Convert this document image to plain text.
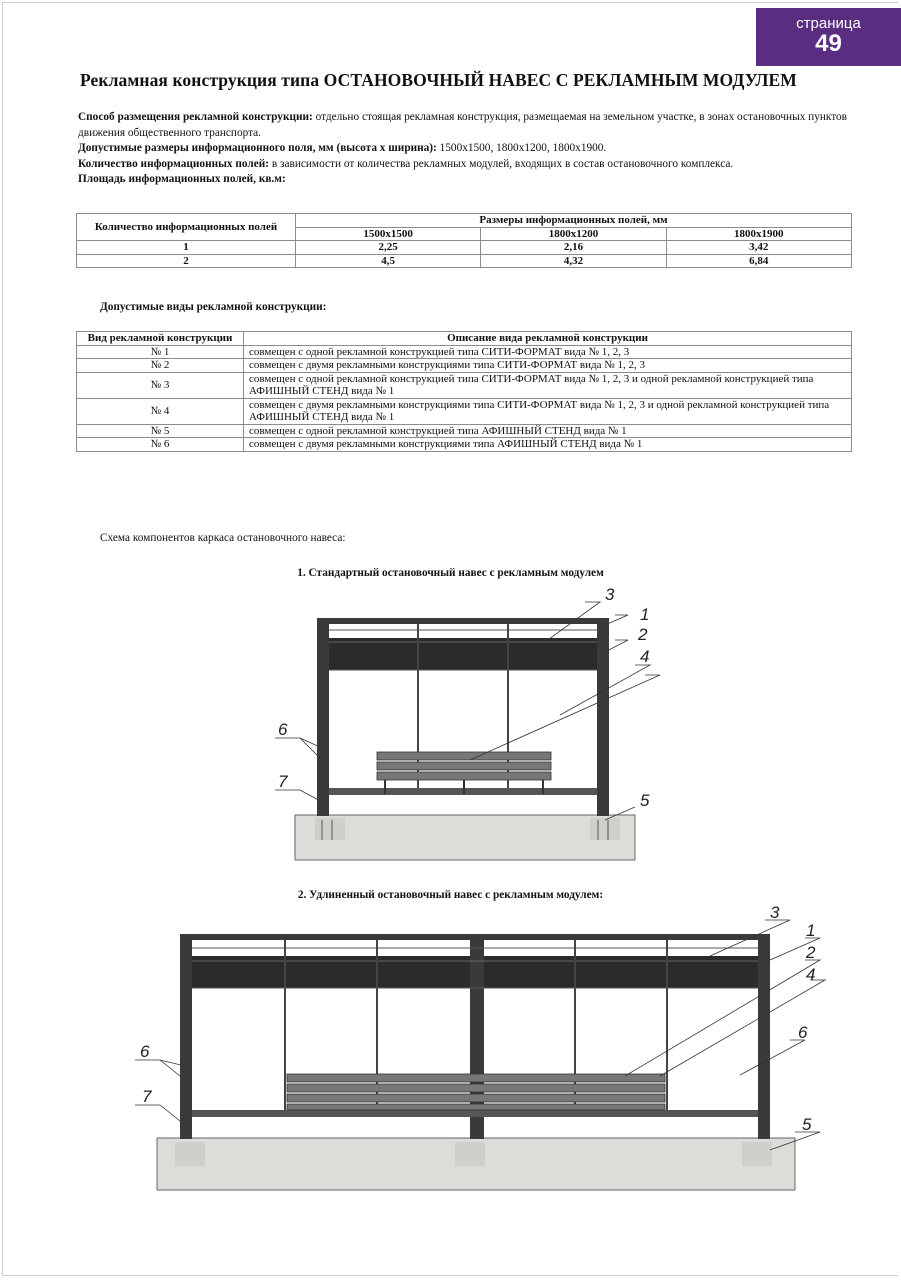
страница
49
Рекламная конструкция типа ОСТАНОВОЧНЫЙ НАВЕС С РЕКЛАМНЫМ МОДУЛЕМ

Способ размещения рекламной конструкции: отдельно стоящая рекламная конструкция, размещаемая на земельном участке, в зонах остановочных пунктов движения общественного транспорта.

Допустимые размеры информационного поля, мм (высота х ширина): 1500х1500, 1800х1200, 1800х1900.

Количество информационных полей: в зависимости от количества рекламных модулей, входящих в состав остановочного комплекса.

Площадь информационных полей, кв.м:

Количество информационных полей	Размеры информационных полей, мм		
	1500х1500	1800х1200	1800х1900
1	2,25	2,16	3,42
2	4,5	4,32	6,84
Допустимые виды рекламной конструкции:
Вид рекламной конструкции	Описание вида рекламной конструкции
№ 1	совмещен с одной рекламной конструкцией типа СИТИ-ФОРМАТ вида № 1, 2, 3
№ 2	совмещен с двумя рекламными конструкциями типа СИТИ-ФОРМАТ вида № 1, 2, 3
№ 3	совмещен с одной рекламной конструкцией типа СИТИ-ФОРМАТ вида № 1, 2, 3 и одной рекламной конструкцией типа АФИШНЫЙ СТЕНД вида № 1
№ 4	совмещен с двумя рекламными конструкциями типа СИТИ-ФОРМАТ вида № 1, 2, 3 и одной рекламной конструкцией типа АФИШНЫЙ СТЕНД вида № 1
№ 5	совмещен с одной рекламной конструкцией типа АФИШНЫЙ СТЕНД вида № 1
№ 6	совмещен с двумя рекламными конструкциями типа АФИШНЫЙ СТЕНД вида № 1
Схема компонентов каркаса остановочного навеса:
1. Стандартный остановочный навес с рекламным модулем
3
1
2
4
6
7
5
2. Удлиненный остановочный навес с рекламным модулем:
3
1
2
4
6
6
7
5
